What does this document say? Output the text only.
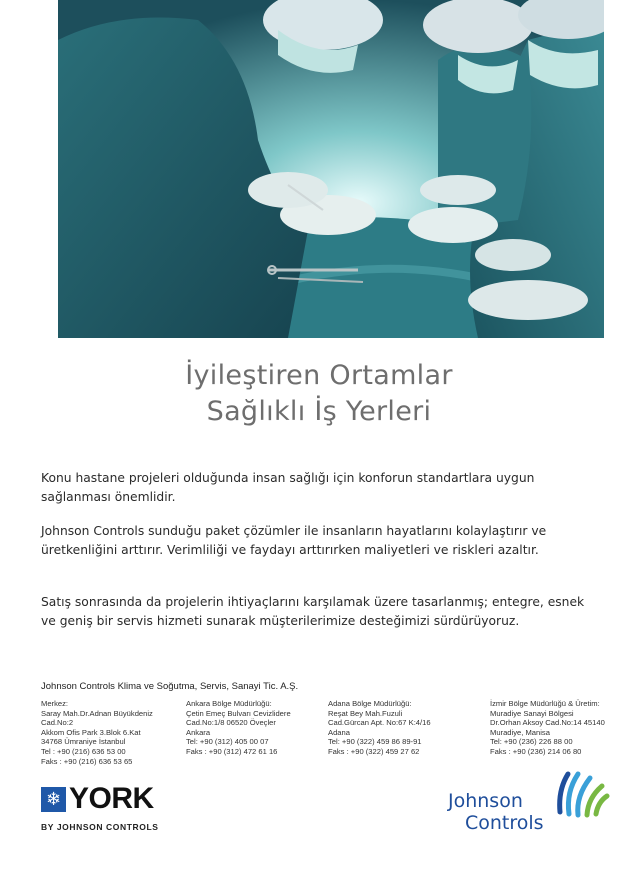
İyileştiren Ortamlar
Sağlıklı İş Yerleri

Konu hastane projeleri olduğunda insan sağlığı için konforun standartlara uygun sağlanması önemlidir.

Johnson Controls sunduğu paket çözümler ile insanların hayatlarını kolaylaştırır ve üretkenliğini arttırır. Verimliliği ve faydayı arttırırken maliyetleri ve riskleri azaltır.

Satış sonrasında da projelerin ihtiyaçlarını karşılamak üzere tasarlanmış; entegre, esnek ve geniş bir servis hizmeti sunarak müşterilerimize desteğimizi sürdürüyoruz.

Johnson Controls Klima ve Soğutma, Servis, Sanayi Tic. A.Ş.
Merkez:
Saray Mah.Dr.Adnan Büyükdeniz
Cad.No:2
Akkom Ofis Park 3.Blok 6.Kat
34768 Ümraniye İstanbul
Tel : +90 (216) 636 53 00
Faks : +90 (216) 636 53 65
Ankara Bölge Müdürlüğü:
Çetin Emeç Bulvarı Cevizlidere
Cad.No:1/8 06520 Öveçler
Ankara
Tel: +90 (312) 405 00 07
Faks : +90 (312) 472 61 16
Adana Bölge Müdürlüğü:
Reşat Bey Mah.Fuzuli
Cad.Gürcan Apt. No:67 K:4/16
Adana
Tel: +90 (322) 459 86 89-91
Faks : +90 (322) 459 27 62
İzmir Bölge Müdürlüğü & Üretim:
Muradiye Sanayi Bölgesi
Dr.Orhan Aksoy Cad.No:14 45140
Muradiye, Manisa
Tel: +90 (236) 226 88 00
Faks : +90 (236) 214 06 80
❄ YORK
BY JOHNSON CONTROLS
Johnson
Controls
